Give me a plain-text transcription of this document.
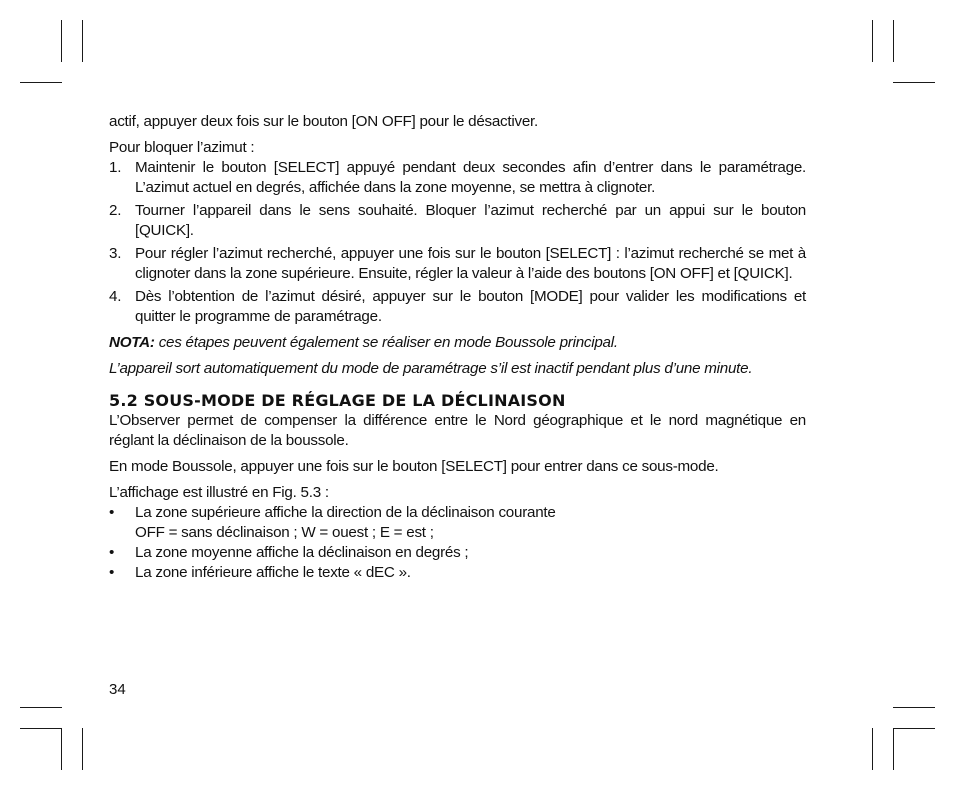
actif, appuyer deux fois sur le bouton [ON OFF] pour le désactiver.

Pour bloquer l’azimut :

1. Maintenir le bouton [SELECT] appuyé pendant deux secondes afin d’entrer dans le paramétrage. L’azimut actuel en degrés, affichée dans la zone moyenne, se mettra à clignoter.
2. Tourner l’appareil dans le sens souhaité. Bloquer l’azimut recherché par un appui sur le bouton [QUICK].
3. Pour régler l’azimut recherché, appuyer une fois sur le bouton [SELECT] : l’azimut recherché se met à clignoter dans la zone supérieure. Ensuite, régler la valeur à l’aide des boutons [ON OFF] et [QUICK].
4. Dès l’obtention de l’azimut désiré, appuyer sur le bouton [MODE] pour valider les modifications et quitter le programme de paramétrage.

NOTA: ces étapes peuvent également se réaliser en mode Boussole principal.

L’appareil sort automatiquement du mode de paramétrage s’il est inactif pendant plus d’une minute.

5.2 SOUS-MODE DE RÉGLAGE DE LA DÉCLINAISON

L’Observer permet de compenser la différence entre le Nord géographique et le nord magnétique en réglant la déclinaison de la boussole.

En mode Boussole, appuyer une fois sur le bouton [SELECT] pour entrer dans ce sous-mode.

L’affichage est illustré en Fig. 5.3 :

• La zone supérieure affiche la direction de la déclinaison courante
OFF = sans déclinaison ; W = ouest ; E = est ;
• La zone moyenne affiche la déclinaison en degrés ;
• La zone inférieure affiche le texte « dEC ».
34
